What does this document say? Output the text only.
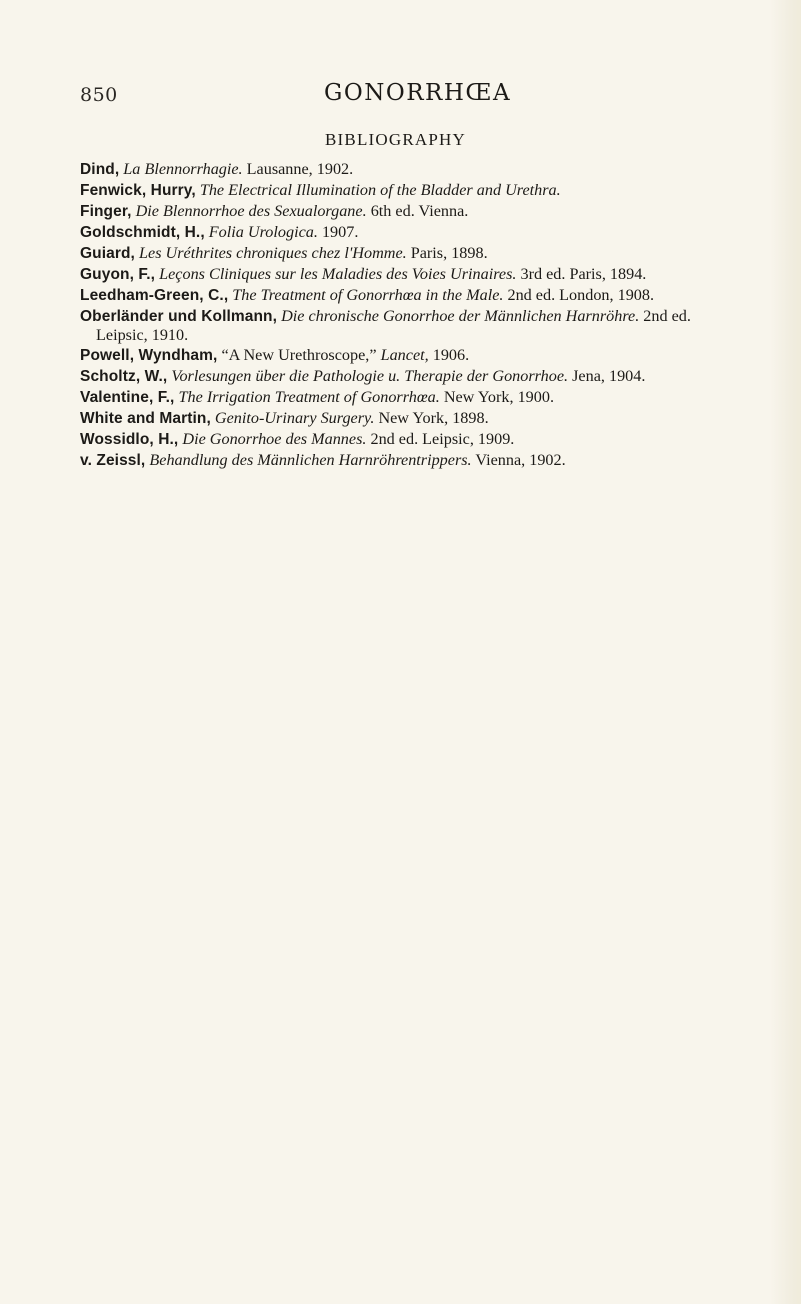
850	GONORRHŒA
BIBLIOGRAPHY
Dind, La Blennorrhagie. Lausanne, 1902.
Fenwick, Hurry, The Electrical Illumination of the Bladder and Urethra.
Finger, Die Blennorrhoe des Sexualorgane. 6th ed. Vienna.
Goldschmidt, H., Folia Urologica. 1907.
Guiard, Les Uréthrites chroniques chez l'Homme. Paris, 1898.
Guyon, F., Leçons Cliniques sur les Maladies des Voies Urinaires. 3rd ed. Paris, 1894.
Leedham-Green, C., The Treatment of Gonorrhœa in the Male. 2nd ed. London, 1908.
Oberländer und Kollmann, Die chronische Gonorrhoe der Männlichen Harnröhre. 2nd ed. Leipsic, 1910.
Powell, Wyndham, “A New Urethroscope,” Lancet, 1906.
Scholtz, W., Vorlesungen über die Pathologie u. Therapie der Gonorrhoe. Jena, 1904.
Valentine, F., The Irrigation Treatment of Gonorrhœa. New York, 1900.
White and Martin, Genito-Urinary Surgery. New York, 1898.
Wossidlo, H., Die Gonorrhoe des Mannes. 2nd ed. Leipsic, 1909.
v. Zeissl, Behandlung des Männlichen Harnröhrentrippers. Vienna, 1902.
